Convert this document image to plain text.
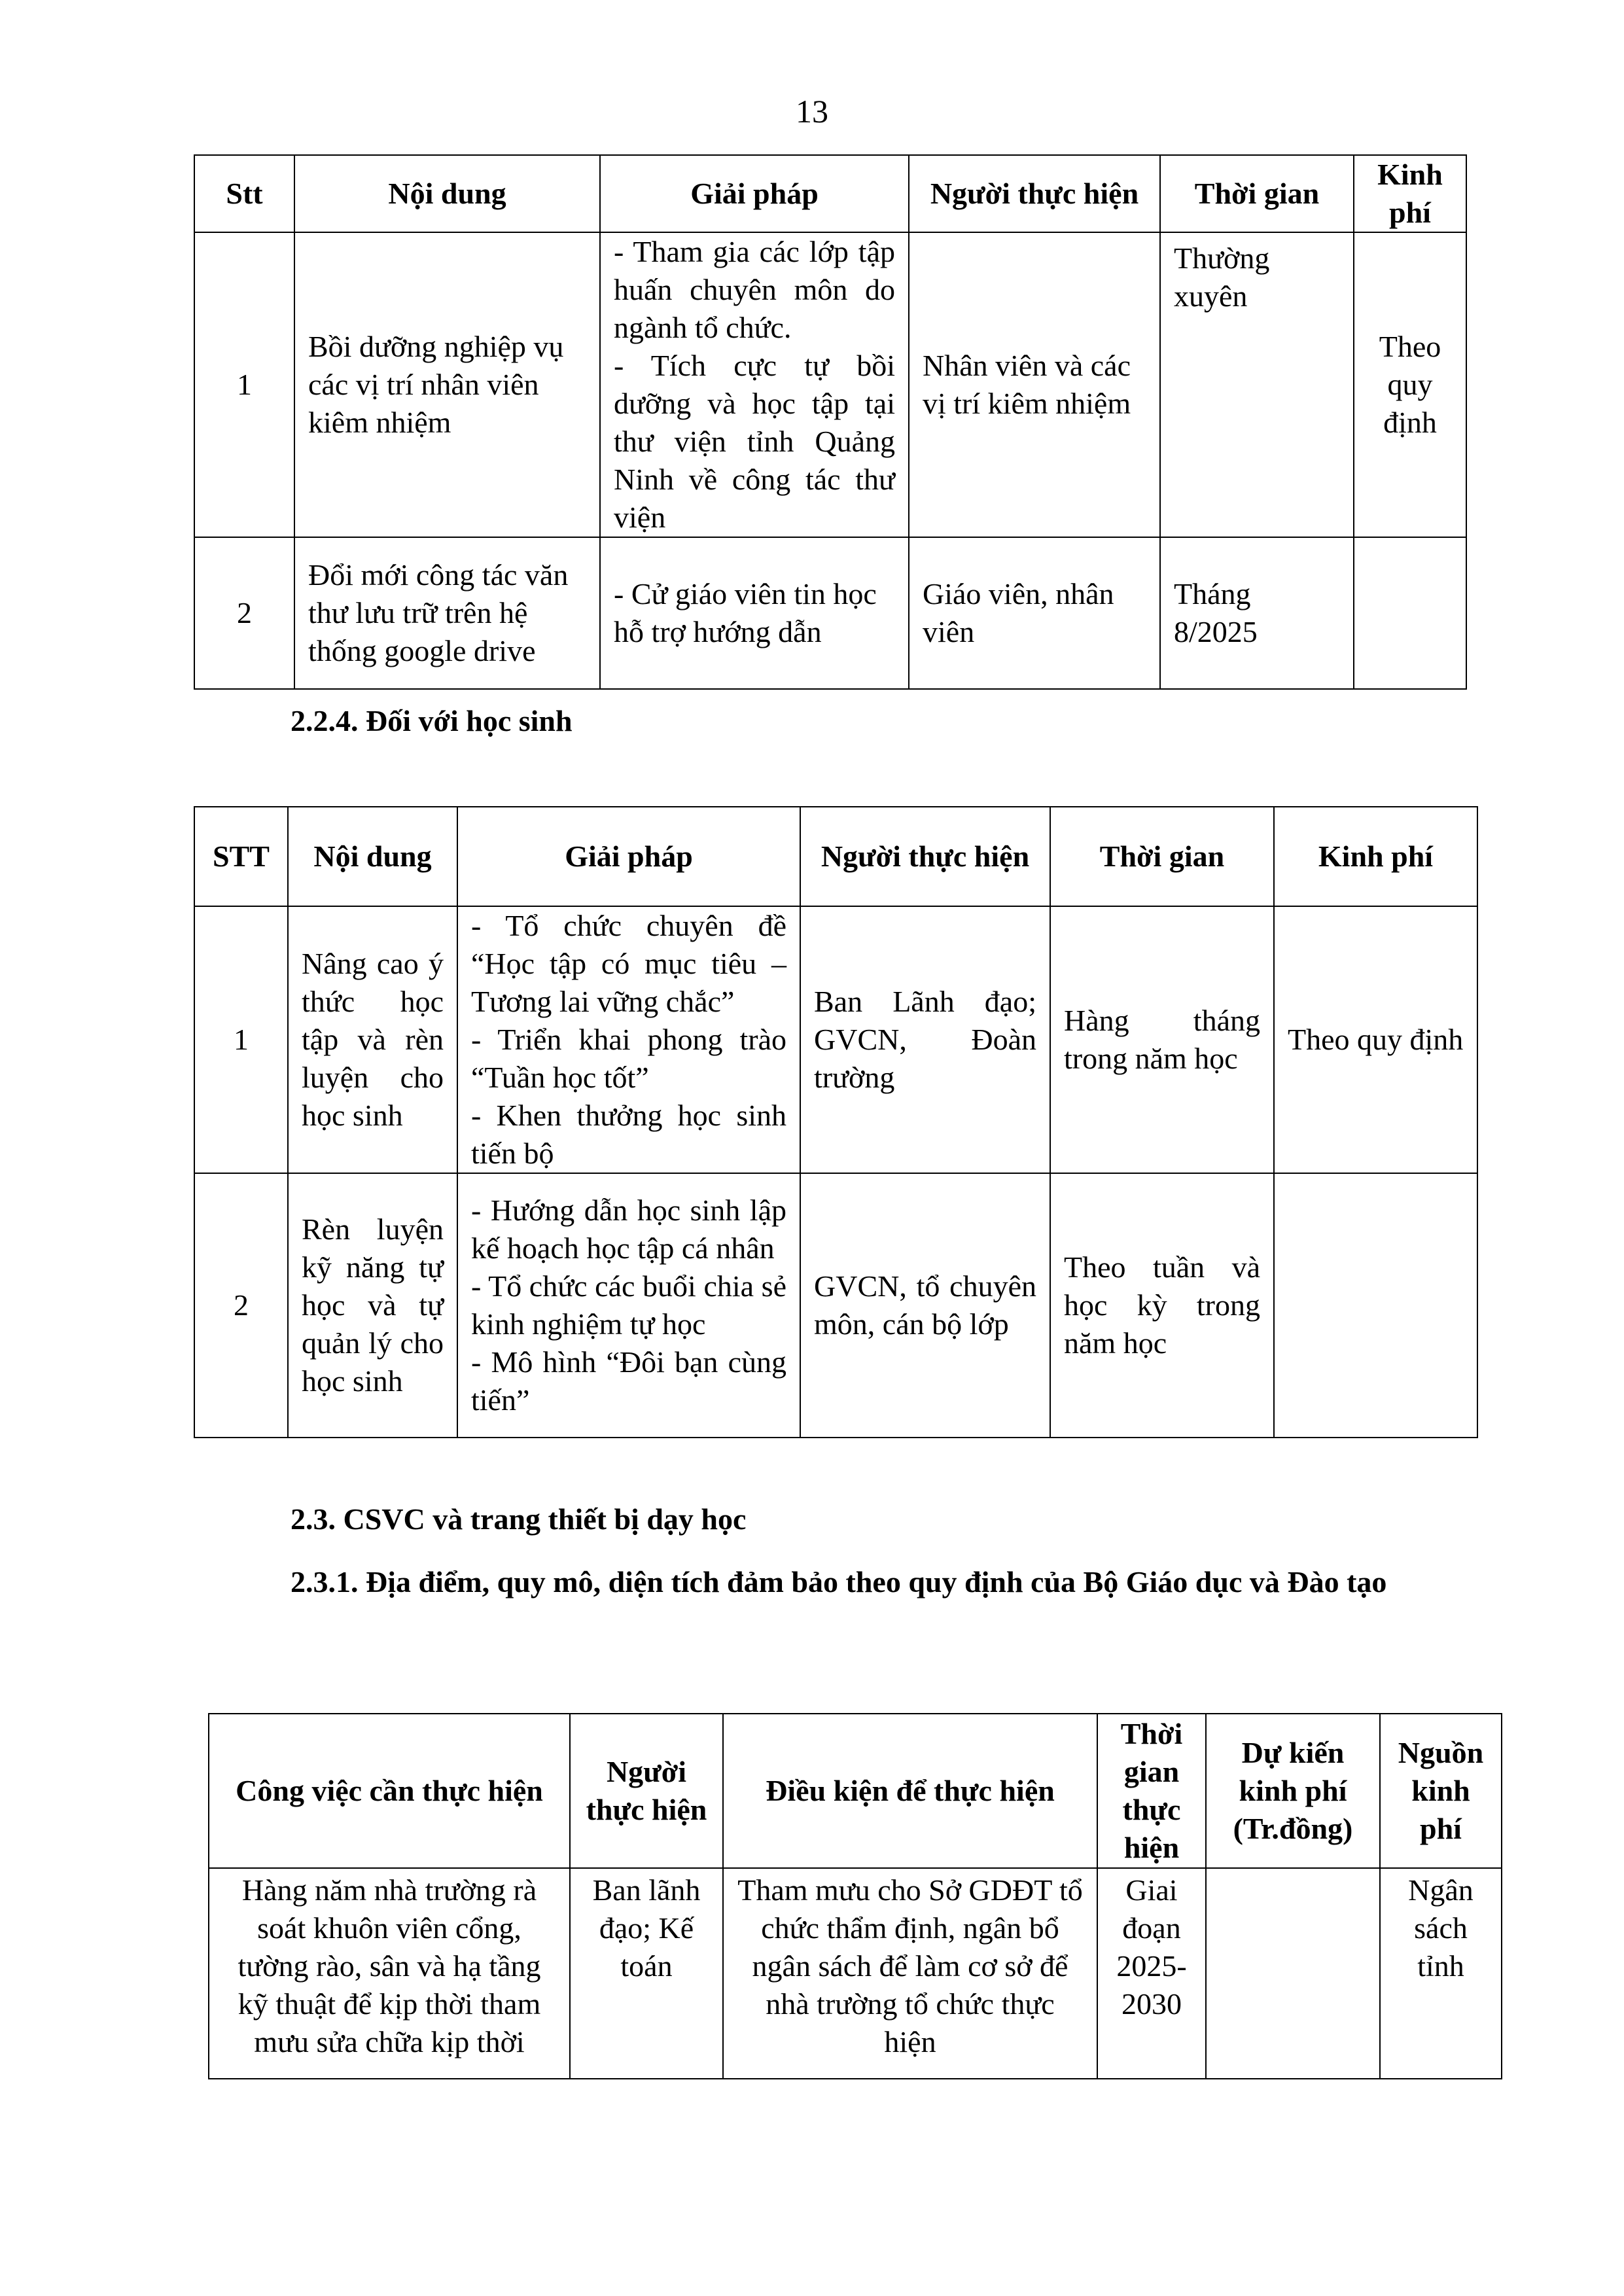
13
Stt	Nội dung	Giải pháp	Người thực hiện	Thời gian	Kinh phí
1	Bồi dưỡng nghiệp vụ các vị trí nhân viên kiêm nhiệm	- Tham gia các lớp tập huấn chuyên môn do ngành tổ chức.
- Tích cực tự bồi dưỡng và học tập tại thư viện tỉnh Quảng Ninh về công tác thư viện	Nhân viên và các vị trí kiêm nhiệm	Thường xuyên	Theo quy định
2	Đổi mới công tác văn thư lưu trữ trên hệ thống google drive	- Cử giáo viên tin học hỗ trợ hướng dẫn	Giáo viên, nhân viên	Tháng 8/2025	
2.2.4. Đối với học sinh
STT	Nội dung	Giải pháp	Người thực hiện	Thời gian	Kinh phí
1	Nâng cao ý thức học tập và rèn luyện cho học sinh	- Tổ chức chuyên đề “Học tập có mục tiêu – Tương lai vững chắc”
- Triển khai phong trào “Tuần học tốt”
- Khen thưởng học sinh tiến bộ	Ban Lãnh đạo; GVCN, Đoàn trường	Hàng tháng trong năm học	Theo quy định
2	Rèn luyện kỹ năng tự học và tự quản lý cho học sinh	- Hướng dẫn học sinh lập kế hoạch học tập cá nhân
- Tổ chức các buổi chia sẻ kinh nghiệm tự học
- Mô hình “Đôi bạn cùng tiến”	GVCN, tổ chuyên môn, cán bộ lớp	Theo tuần và học kỳ trong năm học	
2.3. CSVC và trang thiết bị dạy học
2.3.1. Địa điểm, quy mô, diện tích đảm bảo theo quy định của Bộ Giáo dục và Đào tạo
Công việc cần thực hiện	Người thực hiện	Điều kiện để thực hiện	Thời gian thực hiện	Dự kiến kinh phí (Tr.đồng)	Nguồn kinh phí
Hàng năm nhà trường rà soát khuôn viên cổng, tường rào, sân và hạ tầng kỹ thuật để kịp thời tham mưu sửa chữa kịp thời	Ban lãnh đạo; Kế toán	Tham mưu cho Sở GDĐT tổ chức thẩm định, ngân bổ ngân sách để làm cơ sở để nhà trường tổ chức thực hiện	Giai đoạn 2025-2030		Ngân sách tỉnh
